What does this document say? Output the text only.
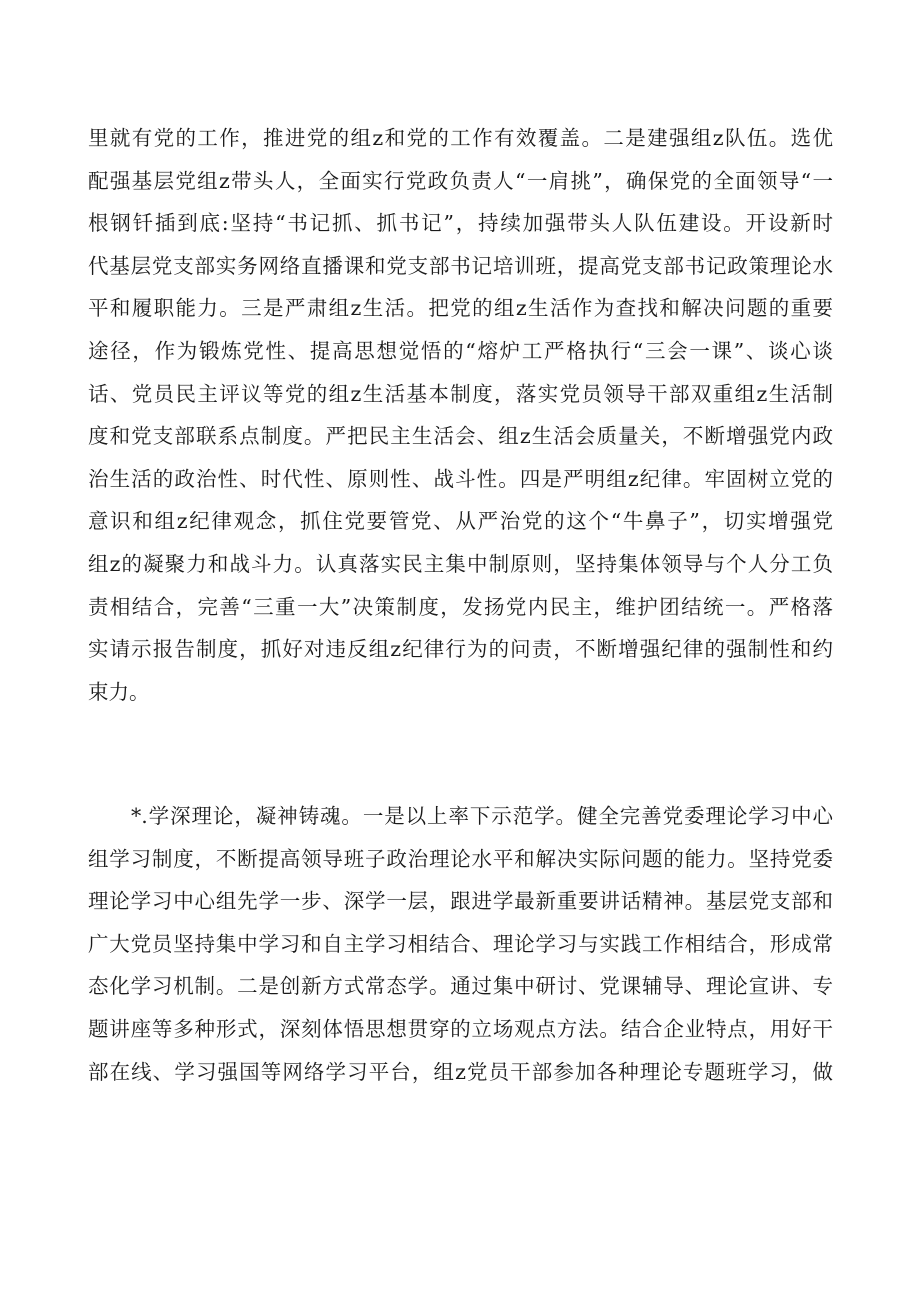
里就有党的工作，推进党的组z和党的工作有效覆盖。二是建强组z队伍。选优
配强基层党组z带头人，全面实行党政负责人“一肩挑”，确保党的全面领导“一
根钢钎插到底:坚持“书记抓、抓书记”，持续加强带头人队伍建设。开设新时
代基层党支部实务网络直播课和党支部书记培训班，提高党支部书记政策理论水
平和履职能力。三是严肃组z生活。把党的组z生活作为查找和解决问题的重要
途径，作为锻炼党性、提高思想觉悟的“熔炉工严格执行“三会一课”、谈心谈
话、党员民主评议等党的组z生活基本制度，落实党员领导干部双重组z生活制
度和党支部联系点制度。严把民主生活会、组z生活会质量关，不断增强党内政
治生活的政治性、时代性、原则性、战斗性。四是严明组z纪律。牢固树立党的
意识和组z纪律观念，抓住党要管党、从严治党的这个“牛鼻子”，切实增强党
组z的凝聚力和战斗力。认真落实民主集中制原则，坚持集体领导与个人分工负
责相结合，完善“三重一大”决策制度，发扬党内民主，维护团结统一。严格落
实请示报告制度，抓好对违反组z纪律行为的问责，不断增强纪律的强制性和约
束力。
*.学深理论，凝神铸魂。一是以上率下示范学。健全完善党委理论学习中心
组学习制度，不断提高领导班子政治理论水平和解决实际问题的能力。坚持党委
理论学习中心组先学一步、深学一层，跟进学最新重要讲话精神。基层党支部和
广大党员坚持集中学习和自主学习相结合、理论学习与实践工作相结合，形成常
态化学习机制。二是创新方式常态学。通过集中研讨、党课辅导、理论宣讲、专
题讲座等多种形式，深刻体悟思想贯穿的立场观点方法。结合企业特点，用好干
部在线、学习强国等网络学习平台，组z党员干部参加各种理论专题班学习，做
